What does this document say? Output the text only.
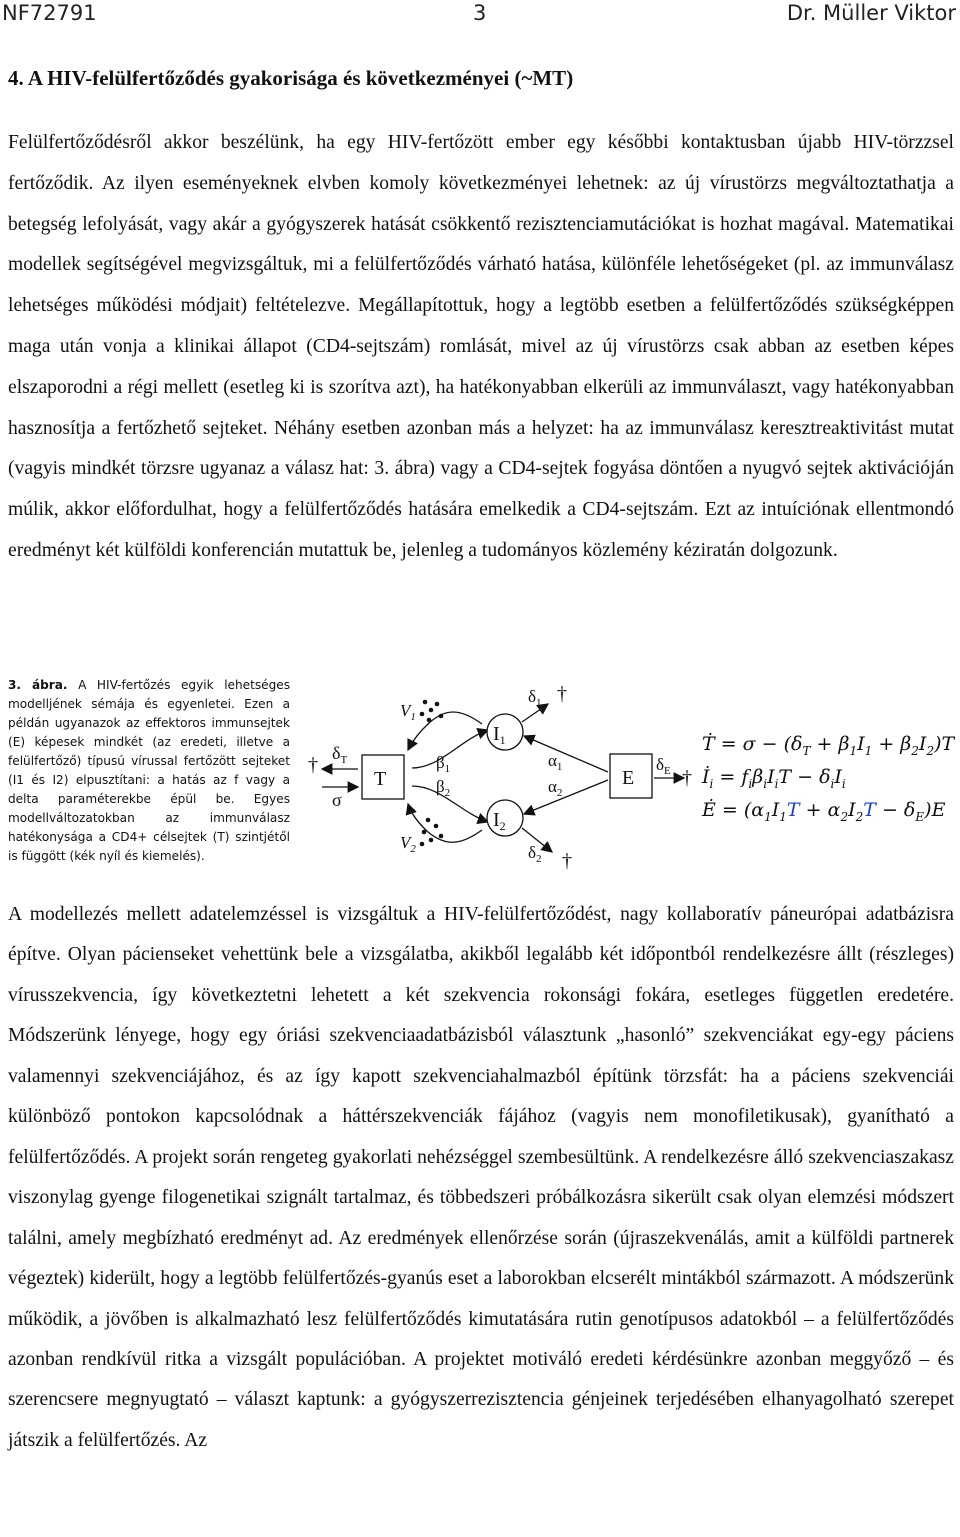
NF72791	3	Dr. Müller Viktor
4. A HIV-felülfertőződés gyakorisága és következményei (~MT)

Felülfertőződésről akkor beszélünk, ha egy HIV-fertőzött ember egy későbbi kontaktusban újabb HIV-törzzsel fertőződik. Az ilyen eseményeknek elvben komoly következményei lehetnek: az új vírustörzs megváltoztathatja a betegség lefolyását, vagy akár a gyógyszerek hatását csökkentő rezisztenciamutációkat is hozhat magával. Matematikai modellek segítségével megvizsgáltuk, mi a felülfertőződés várható hatása, különféle lehetőségeket (pl. az immunválasz lehetséges működési módjait) feltételezve. Megállapítottuk, hogy a legtöbb esetben a felülfertőződés szükségképpen maga után vonja a klinikai állapot (CD4-sejtszám) romlását, mivel az új vírustörzs csak abban az esetben képes elszaporodni a régi mellett (esetleg ki is szorítva azt), ha hatékonyabban elkerüli az immunválaszt, vagy hatékonyabban hasznosítja a fertőzhető sejteket. Néhány esetben azonban más a helyzet: ha az immunválasz keresztreaktivitást mutat (vagyis mindkét törzsre ugyanaz a válasz hat: 3. ábra) vagy a CD4-sejtek fogyása döntően a nyugvó sejtek aktivációján múlik, akkor előfordulhat, hogy a felülfertőződés hatására emelkedik a CD4-sejtszám. Ezt az intuíciónak ellentmondó eredményt két külföldi konferencián mutattuk be, jelenleg a tudományos közlemény kéziratán dolgozunk.

3. ábra. A HIV-fertőzés egyik lehetséges modelljének sémája és egyenletei. Ezen a példán ugyanazok az effektoros immunsejtek (E) képesek mindkét (az eredeti, illetve a felülfertőző) típusú vírussal fertőzött sejteket (I1 és I2) elpusztítani: a hatás az f vagy a delta paraméterekbe épül be. Egyes modellváltozatokban az immunválasz hatékonysága a CD4+ célsejtek (T) szintjétől is függött (kék nyíl és kiemelés).
†
†
†
†
$\delta_T$
σ
T
$V_1$
$V_2$
$\beta_1$
$\beta_2$
$I_1$
$I_2$
$\delta_1$
$\delta_2$
$\alpha_1$
$\alpha_2$
E
$\delta_E$
Ṫ = $\sigma - (\delta_T + \beta_1I_1 + \beta_2I_2)T$
$İ_i = f_i\beta_iI_iT - \delta_iI_i$
Ė = $(\alpha_1I_1T + \alpha_2I_2T - \delta_E)E$

A modellezés mellett adatelemzéssel is vizsgáltuk a HIV-felülfertőződést, nagy kollaboratív páneurópai adatbázisra építve. Olyan pácienseket vehettünk bele a vizsgálatba, akikből legalább két időpontból rendelkezésre állt (részleges) vírusszekvencia, így következtetni lehetett a két szekvencia rokonsági fokára, esetleges független eredetére. Módszerünk lényege, hogy egy óriási szekvenciaadatbázisból választunk „hasonló” szekvenciákat egy-egy páciens valamennyi szekvenciájához, és az így kapott szekvenciahalmazból építünk törzsfát: ha a páciens szekvenciái különböző pontokon kapcsolódnak a háttérszekvenciák fájához (vagyis nem monofiletikusak), gyanítható a felülfertőződés. A projekt során rengeteg gyakorlati nehézséggel szembesültünk. A rendelkezésre álló szekvenciaszakasz viszonylag gyenge filogenetikai szignált tartalmaz, és többedszeri próbálkozásra sikerült csak olyan elemzési módszert találni, amely megbízható eredményt ad. Az eredmények ellenőrzése során (újraszekvenálás, amit a külföldi partnerek végeztek) kiderült, hogy a legtöbb felülfertőzés-gyanús eset a laborokban elcserélt mintákból származott. A módszerünk működik, a jövőben is alkalmazható lesz felülfertőződés kimutatására rutin genotípusos adatokból – a felülfertőződés azonban rendkívül ritka a vizsgált populációban. A projektet motiváló eredeti kérdésünkre azonban meggyőző – és szerencsere megnyugtató – választ kaptunk: a gyógyszerrezisztencia génjeinek terjedésében elhanyagolható szerepet játszik a felülfertőzés. Az
